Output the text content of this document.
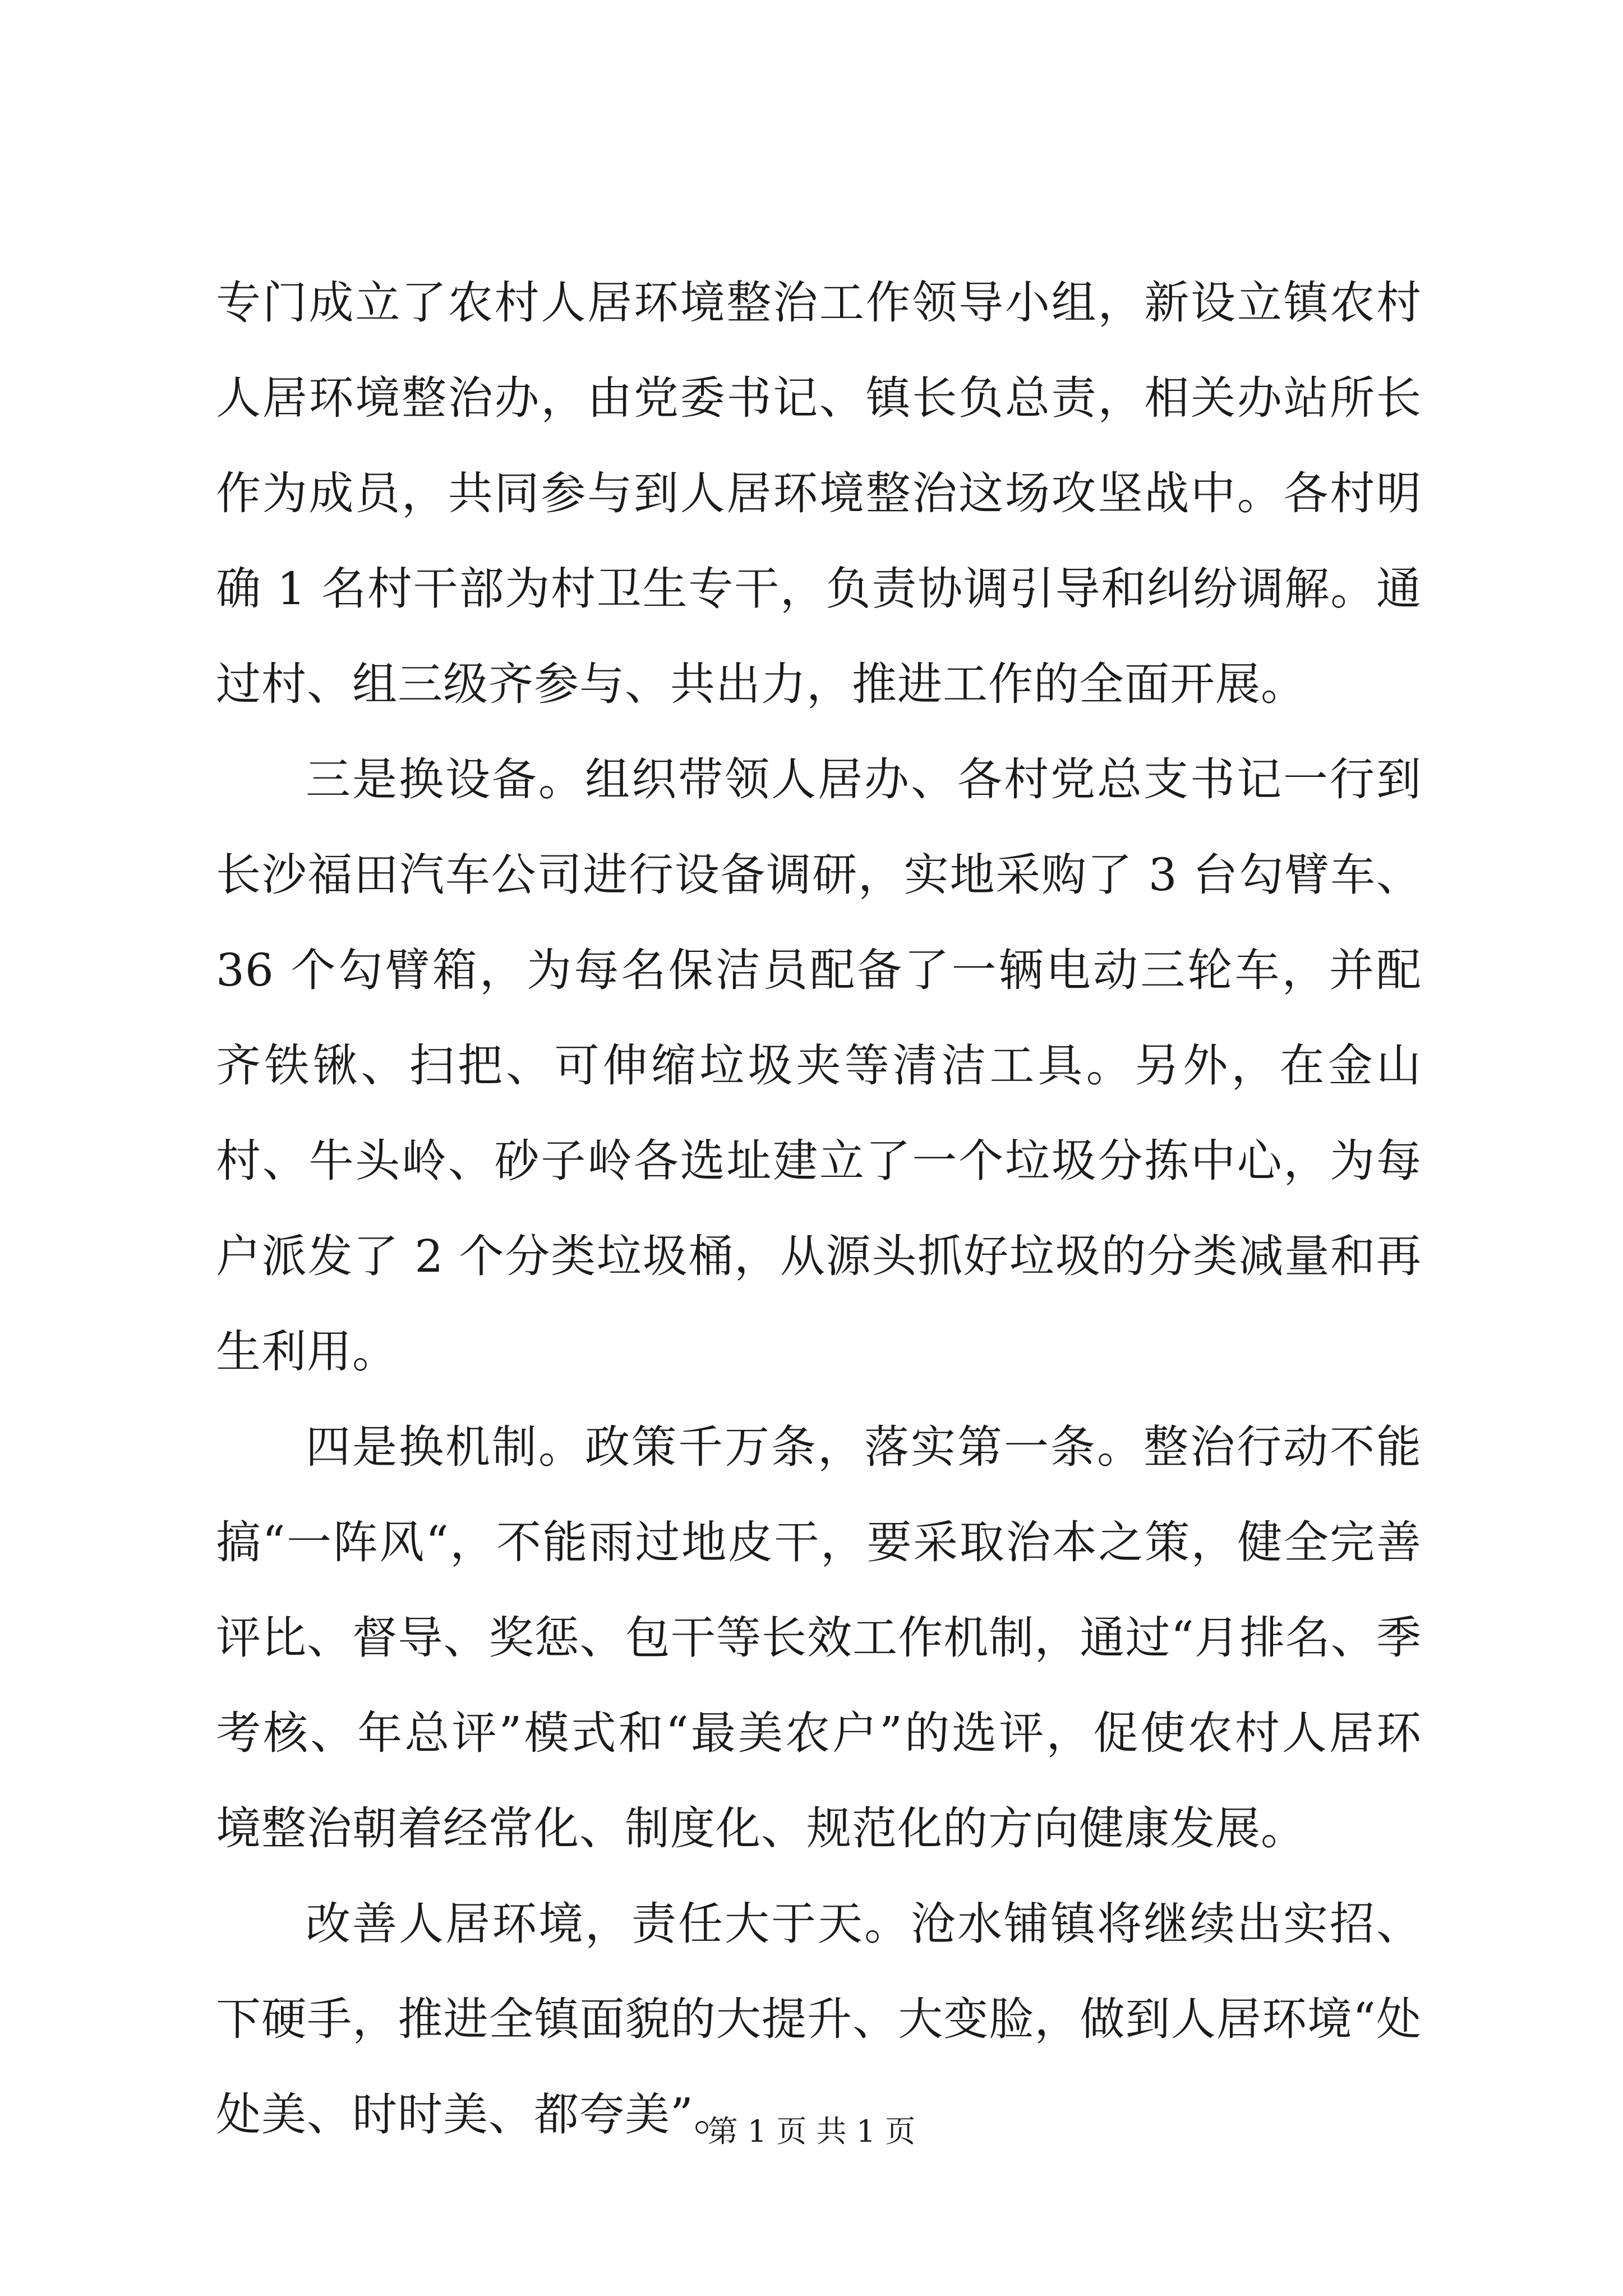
专门成立了农村人居环境整治工作领导小组，新设立镇农村人居环境整治办，由党委书记、镇长负总责，相关办站所长作为成员，共同参与到人居环境整治这场攻坚战中。各村明确 1 名村干部为村卫生专干，负责协调引导和纠纷调解。通过村、组三级齐参与、共出力，推进工作的全面开展。

三是换设备。组织带领人居办、各村党总支书记一行到长沙福田汽车公司进行设备调研，实地采购了 3 台勾臂车、36 个勾臂箱，为每名保洁员配备了一辆电动三轮车，并配齐铁锹、扫把、可伸缩垃圾夹等清洁工具。另外，在金山村、牛头岭、砂子岭各选址建立了一个垃圾分拣中心，为每户派发了 2 个分类垃圾桶，从源头抓好垃圾的分类减量和再生利用。

四是换机制。政策千万条，落实第一条。整治行动不能搞“一阵风“，不能雨过地皮干，要采取治本之策，健全完善评比、督导、奖惩、包干等长效工作机制，通过“月排名、季考核、年总评”模式和“最美农户”的选评，促使农村人居环境整治朝着经常化、制度化、规范化的方向健康发展。

改善人居环境，责任大于天。沧水铺镇将继续出实招、下硬手，推进全镇面貌的大提升、大变脸，做到人居环境“处处美、时时美、都夸美”。

第 1 页 共 1 页
